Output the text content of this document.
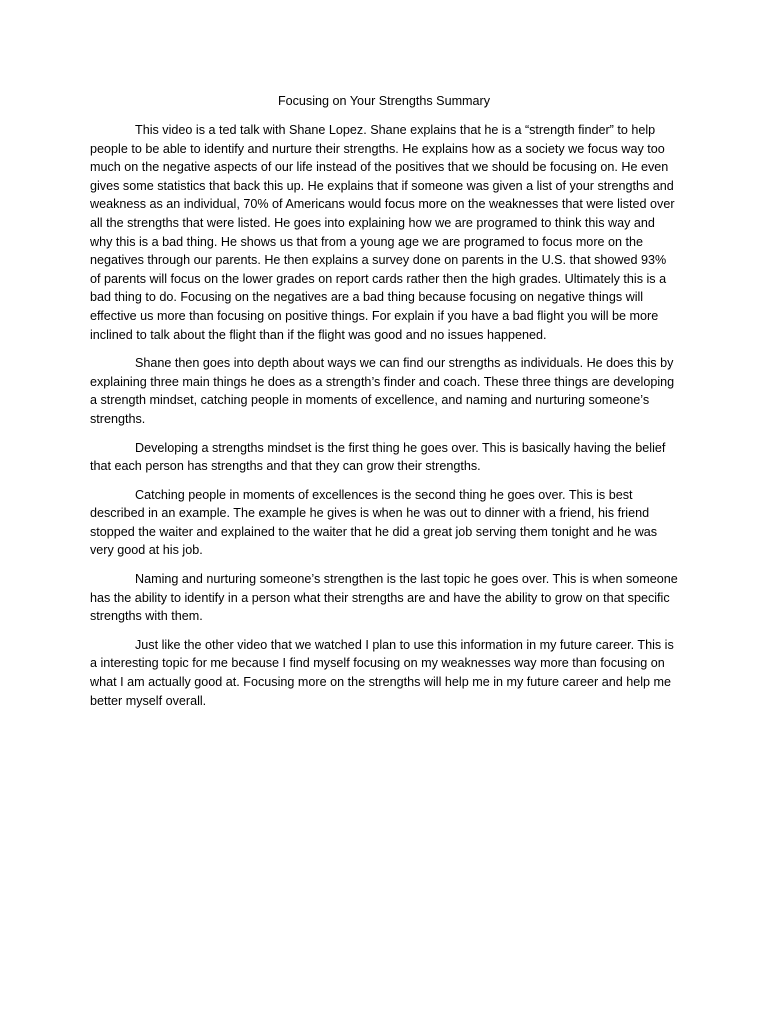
Focusing on Your Strengths Summary

This video is a ted talk with Shane Lopez. Shane explains that he is a “strength finder” to help people to be able to identify and nurture their strengths. He explains how as a society we focus way too much on the negative aspects of our life instead of the positives that we should be focusing on. He even gives some statistics that back this up. He explains that if someone was given a list of your strengths and weakness as an individual, 70% of Americans would focus more on the weaknesses that were listed over all the strengths that were listed. He goes into explaining how we are programed to think this way and why this is a bad thing. He shows us that from a young age we are programed to focus more on the negatives through our parents. He then explains a survey done on parents in the U.S. that showed 93% of parents will focus on the lower grades on report cards rather then the high grades. Ultimately this is a bad thing to do. Focusing on the negatives are a bad thing because focusing on negative things will effective us more than focusing on positive things. For explain if you have a bad flight you will be more inclined to talk about the flight than if the flight was good and no issues happened.

Shane then goes into depth about ways we can find our strengths as individuals. He does this by explaining three main things he does as a strength’s finder and coach. These three things are developing a strength mindset, catching people in moments of excellence, and naming and nurturing someone’s strengths.

Developing a strengths mindset is the first thing he goes over. This is basically having the belief that each person has strengths and that they can grow their strengths.

Catching people in moments of excellences is the second thing he goes over. This is best described in an example. The example he gives is when he was out to dinner with a friend, his friend stopped the waiter and explained to the waiter that he did a great job serving them tonight and he was very good at his job.

Naming and nurturing someone’s strengthen is the last topic he goes over. This is when someone has the ability to identify in a person what their strengths are and have the ability to grow on that specific strengths with them.

Just like the other video that we watched I plan to use this information in my future career. This is a interesting topic for me because I find myself focusing on my weaknesses way more than focusing on what I am actually good at. Focusing more on the strengths will help me in my future career and help me better myself overall.
